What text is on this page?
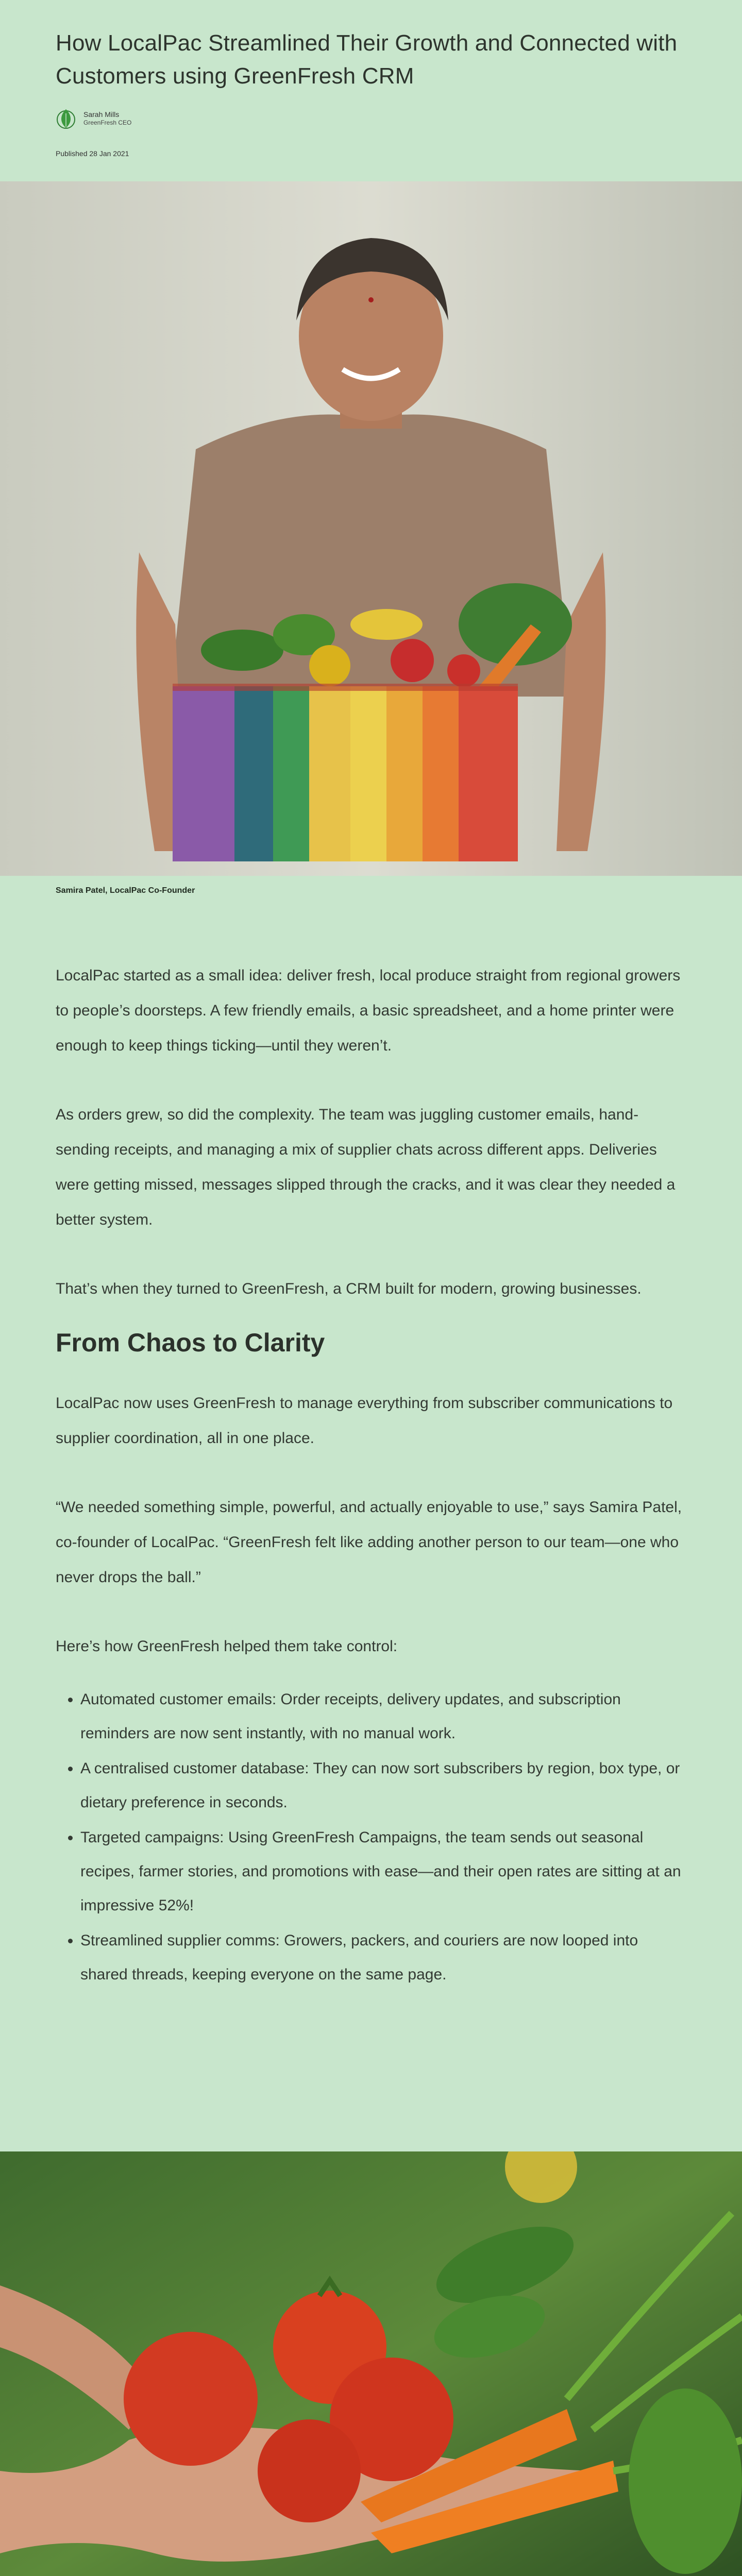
How LocalPac Streamlined Their Growth and Connected with Customers using GreenFresh CRM
Sarah Mills
GreenFresh CEO
Published 28 Jan 2021
Samira Patel, LocalPac Co-Founder

LocalPac started as a small idea: deliver fresh, local produce straight from regional growers to people’s doorsteps. A few friendly emails, a basic spreadsheet, and a home printer were enough to keep things ticking—until they weren’t.

As orders grew, so did the complexity. The team was juggling customer emails, hand-sending receipts, and managing a mix of supplier chats across different apps. Deliveries were getting missed, messages slipped through the cracks, and it was clear they needed a better system.

That’s when they turned to GreenFresh, a CRM built for modern, growing businesses.

From Chaos to Clarity

LocalPac now uses GreenFresh to manage everything from subscriber communications to supplier coordination, all in one place.

“We needed something simple, powerful, and actually enjoyable to use,” says Samira Patel, co-founder of LocalPac. “GreenFresh felt like adding another person to our team—one who never drops the ball.”

Here’s how GreenFresh helped them take control:

• Automated customer emails: Order receipts, delivery updates, and subscription reminders are now sent instantly, with no manual work.
• A centralised customer database: They can now sort subscribers by region, box type, or dietary preference in seconds.
• Targeted campaigns: Using GreenFresh Campaigns, the team sends out seasonal recipes, farmer stories, and promotions with ease—and their open rates are sitting at an impressive 52%!
• Streamlined supplier comms: Growers, packers, and couriers are now looped into shared threads, keeping everyone on the same page.
